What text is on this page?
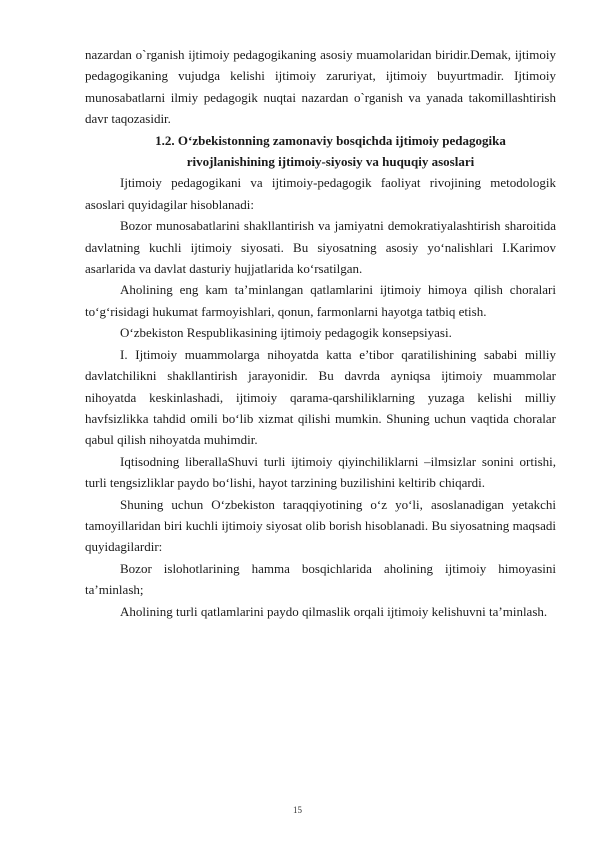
nazardan o`rganish ijtimoiy pedagogikaning asosiy muamolaridan biridir.Demak, ijtimoiy pedagogikaning vujudga kelishi ijtimoiy zaruriyat, ijtimoiy buyurtmadir. Ijtimoiy munosabatlarni ilmiy pedagogik nuqtai nazardan o`rganish va yanada takomillashtirish davr taqozasidir.

1.2. O‘zbekistonning zamonaviy bosqichda ijtimoiy pedagogika

rivojlanishining ijtimoiy-siyosiy va huquqiy asoslari

Ijtimoiy pedagogikani va ijtimoiy-pedagogik faoliyat rivojining metodologik asoslari quyidagilar hisoblanadi:

Bozor munosabatlarini shakllantirish va jamiyatni demokratiyalashtirish sharoitida davlatning kuchli ijtimoiy siyosati. Bu siyosatning asosiy yo‘nalishlari I.Karimov asarlarida va davlat dasturiy hujjatlarida ko‘rsatilgan.

Aholining eng kam ta’minlangan qatlamlarini ijtimoiy himoya qilish choralari to‘g‘risidagi hukumat farmoyishlari, qonun, farmonlarni hayotga tatbiq etish.

O‘zbekiston Respublikasining ijtimoiy pedagogik konsepsiyasi.

I. Ijtimoiy muammolarga nihoyatda katta e’tibor qaratilishining sababi milliy davlatchilikni shakllantirish jarayonidir. Bu davrda ayniqsa ijtimoiy muammolar nihoyatda keskinlashadi, ijtimoiy qarama-qarshiliklarning yuzaga kelishi milliy havfsizlikka tahdid omili bo‘lib xizmat qilishi mumkin. Shuning uchun vaqtida choralar qabul qilish nihoyatda muhimdir.

Iqtisodning liberallaShuvi turli ijtimoiy qiyinchiliklarni –ilmsizlar sonini ortishi, turli tengsizliklar paydo bo‘lishi, hayot tarzining buzilishini keltirib chiqardi.

Shuning uchun O‘zbekiston taraqqiyotining o‘z yo‘li, asoslanadigan yetakchi tamoyillaridan biri kuchli ijtimoiy siyosat olib borish hisoblanadi. Bu siyosatning maqsadi quyidagilardir:

Bozor islohotlarining hamma bosqichlarida aholining ijtimoiy himoyasini ta’minlash;

Aholining turli qatlamlarini paydo qilmaslik orqali ijtimoiy kelishuvni ta’minlash.

15
